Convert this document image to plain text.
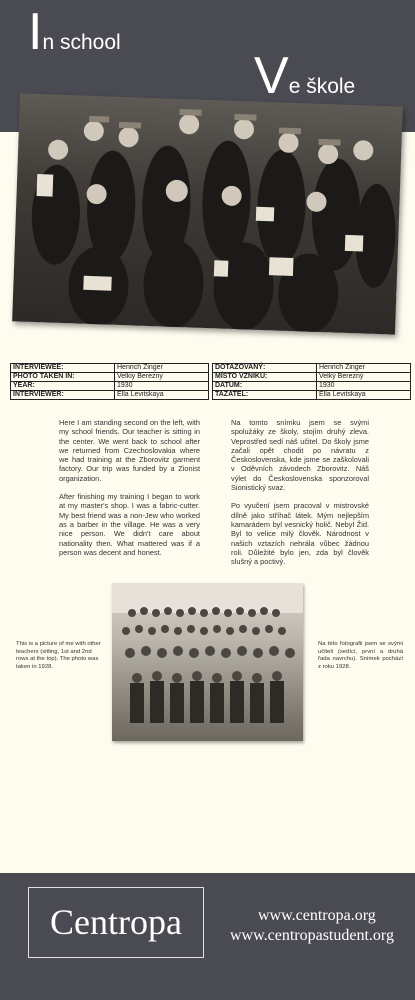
In school
Ve škole
INTERVIEWEE:	Henrich Zinger
PHOTO TAKEN IN:	Velkiy Berezny
YEAR:	1930
INTERVIEWER:	Ella Levitskaya
DOTAZOVANÝ:	Henrich Zinger
MÍSTO VZNIKU:	Velký Berezný
DATUM:	1930
TAZATEL:	Ella Levitskaya

Here I am standing second on the left, with my school friends. Our teacher is sitting in the center. We went back to school after we returned from Czechoslovakia where we had training at the Zborovitz garment factory. Our trip was funded by a Zionist organization.

After finishing my training I began to work at my master's shop. I was a fabric-cutter. My best friend was a non-Jew who worked as a barber in the village. He was a very nice person. We didn't care about nationality then. What mattered was if a person was decent and honest.

Na tomto snímku jsem se svými spolužáky ze školy, stojím druhý zleva. Veprostřed sedí náš učitel. Do školy jsme začali opět chodit po návratu z Československa, kde jsme se zaškolovali v Oděvních závodech Zborovitz. Náš výlet do Československa sponzoroval Sionistický svaz.

Po vyučení jsem pracoval v mistrovské dílně jako stříhač látek. Mým nejlepším kamarádem byl vesnický holič. Nebyl Žid. Byl to velice milý člověk. Národnost v našich vztazích nehrála vůbec žádnou roli. Důležité bylo jen, zda byl člověk slušný a poctivý.

This is a picture of me with other teachers (sitting, 1st and 2nd rows at the top). The photo was taken in 1928.
Na této fotografii jsem se svými učiteli (sedící, první a druhá řada navrchu). Snímek pochází z roku 1928.
Centropa	www.centropa.org
www.centropastudent.org
